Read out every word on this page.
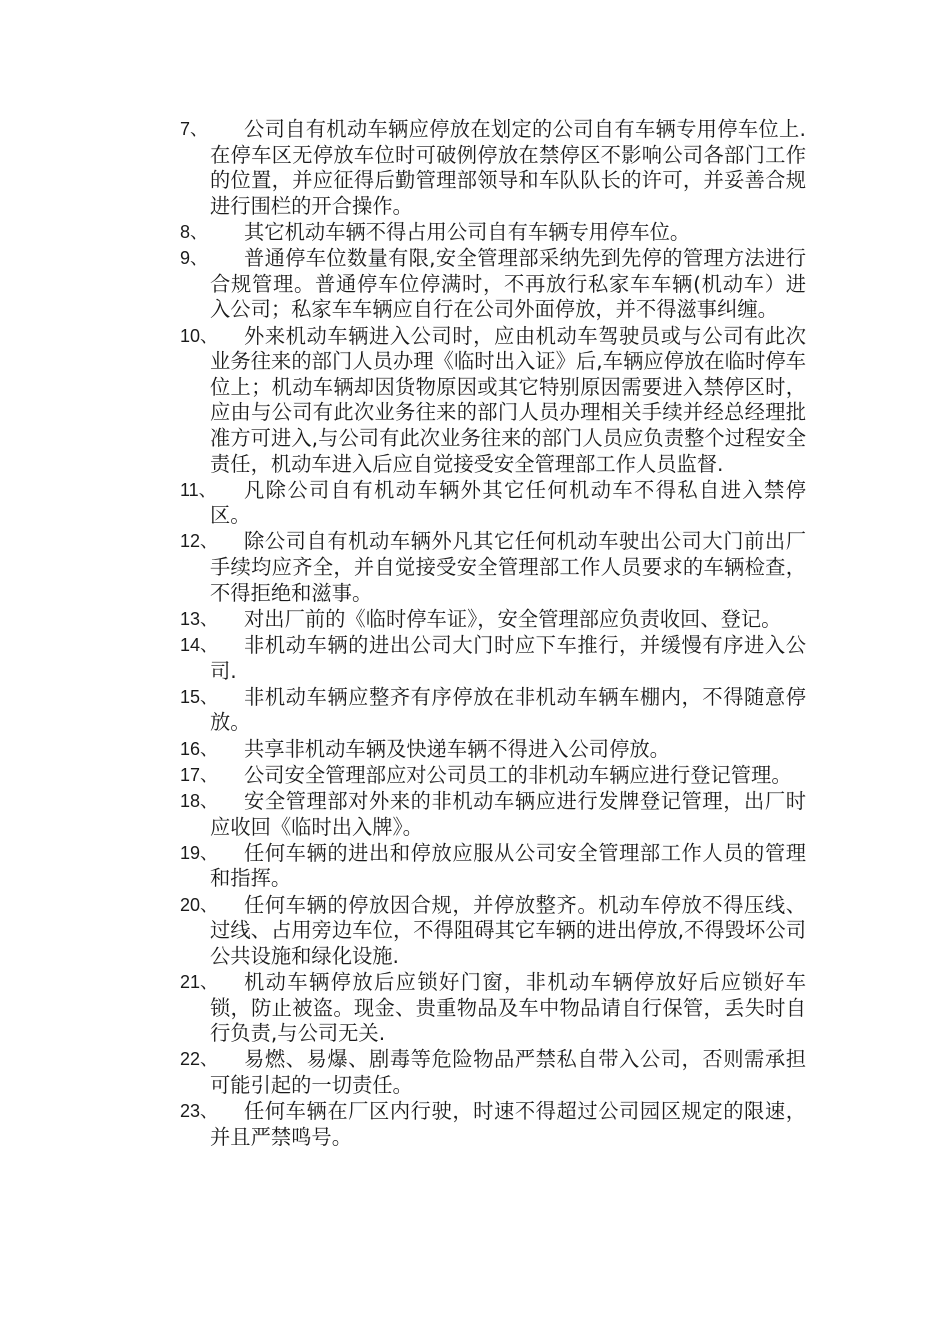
7、	公司自有机动车辆应停放在划定的公司自有车辆专用停车位上.在停车区无停放车位时可破例停放在禁停区不影响公司各部门工作的位置，并应征得后勤管理部领导和车队队长的许可，并妥善合规进行围栏的开合操作。
8、	其它机动车辆不得占用公司自有车辆专用停车位。
9、	普通停车位数量有限,安全管理部采纳先到先停的管理方法进行合规管理。普通停车位停满时，不再放行私家车车辆(机动车）进入公司；私家车车辆应自行在公司外面停放，并不得滋事纠缠。
10、	外来机动车辆进入公司时，应由机动车驾驶员或与公司有此次业务往来的部门人员办理《临时出入证》后,车辆应停放在临时停车位上；机动车辆却因货物原因或其它特别原因需要进入禁停区时，应由与公司有此次业务往来的部门人员办理相关手续并经总经理批准方可进入,与公司有此次业务往来的部门人员应负责整个过程安全责任，机动车进入后应自觉接受安全管理部工作人员监督.
11、	凡除公司自有机动车辆外其它任何机动车不得私自进入禁停区。
12、	除公司自有机动车辆外凡其它任何机动车驶出公司大门前出厂手续均应齐全，并自觉接受安全管理部工作人员要求的车辆检查，不得拒绝和滋事。
13、	对出厂前的《临时停车证》，安全管理部应负责收回、登记。
14、	非机动车辆的进出公司大门时应下车推行，并缓慢有序进入公司.
15、	非机动车辆应整齐有序停放在非机动车辆车棚内，不得随意停放。
16、	共享非机动车辆及快递车辆不得进入公司停放。
17、	公司安全管理部应对公司员工的非机动车辆应进行登记管理。
18、	安全管理部对外来的非机动车辆应进行发牌登记管理，出厂时应收回《临时出入牌》。
19、	任何车辆的进出和停放应服从公司安全管理部工作人员的管理和指挥。
20、	任何车辆的停放因合规，并停放整齐。机动车停放不得压线、过线、占用旁边车位，不得阻碍其它车辆的进出停放,不得毁坏公司公共设施和绿化设施.
21、	机动车辆停放后应锁好门窗，非机动车辆停放好后应锁好车锁，防止被盗。现金、贵重物品及车中物品请自行保管，丢失时自行负责,与公司无关.
22、	易燃、易爆、剧毒等危险物品严禁私自带入公司，否则需承担可能引起的一切责任。
23、	任何车辆在厂区内行驶，时速不得超过公司园区规定的限速，并且严禁鸣号。
